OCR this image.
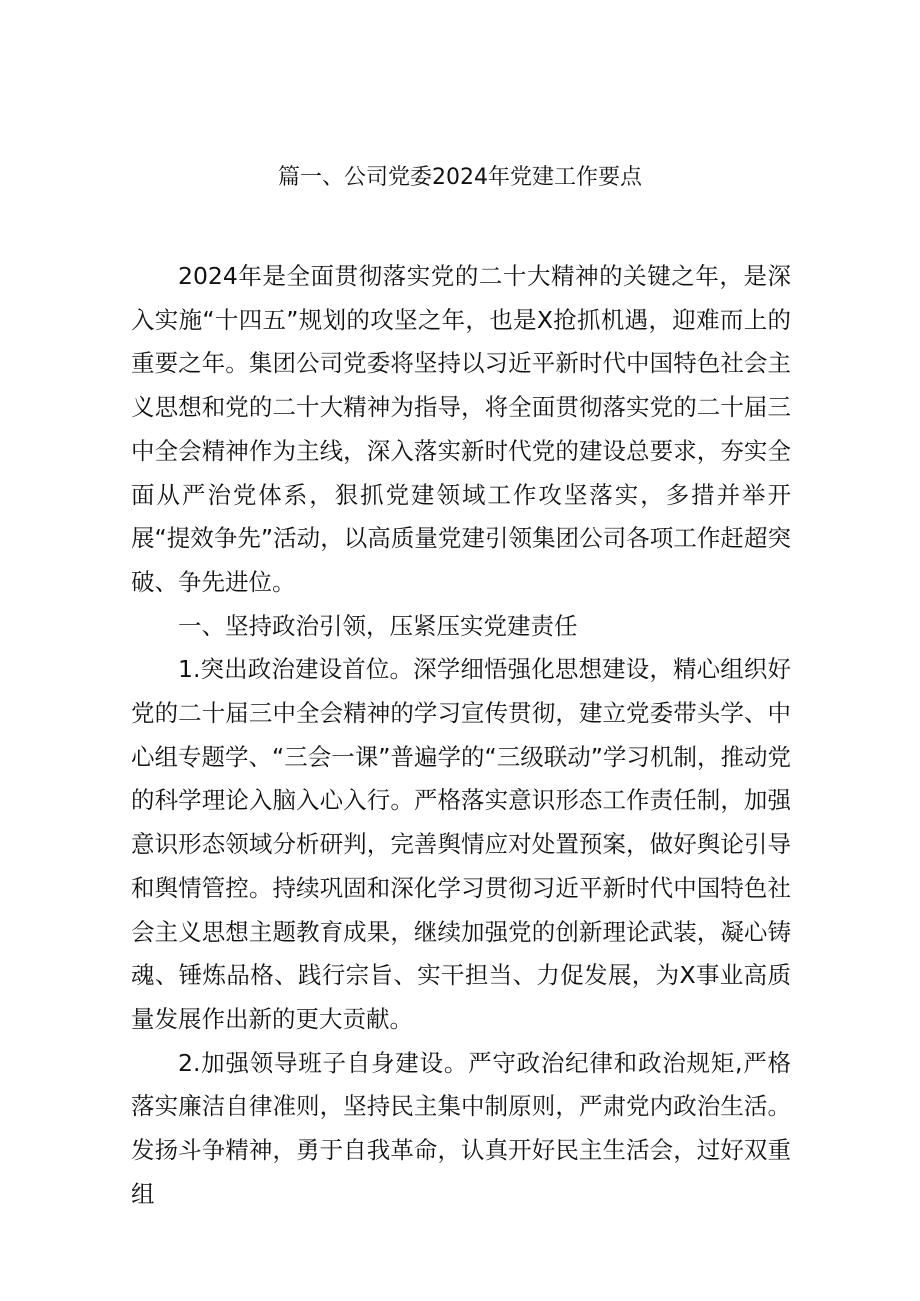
篇一、公司党委2024年党建工作要点

2024年是全面贯彻落实党的二十大精神的关键之年，是深入实施“十四五”规划的攻坚之年，也是X抢抓机遇，迎难而上的重要之年。集团公司党委将坚持以习近平新时代中国特色社会主义思想和党的二十大精神为指导，将全面贯彻落实党的二十届三中全会精神作为主线，深入落实新时代党的建设总要求，夯实全面从严治党体系，狠抓党建领域工作攻坚落实，多措并举开展“提效争先”活动，以高质量党建引领集团公司各项工作赶超突破、争先进位。

一、坚持政治引领，压紧压实党建责任

1.突出政治建设首位。深学细悟强化思想建设，精心组织好党的二十届三中全会精神的学习宣传贯彻，建立党委带头学、中心组专题学、“三会一课”普遍学的“三级联动”学习机制，推动党的科学理论入脑入心入行。严格落实意识形态工作责任制，加强意识形态领域分析研判，完善舆情应对处置预案，做好舆论引导和舆情管控。持续巩固和深化学习贯彻习近平新时代中国特色社会主义思想主题教育成果，继续加强党的创新理论武装，凝心铸魂、锤炼品格、践行宗旨、实干担当、力促发展，为X事业高质量发展作出新的更大贡献。

2.加强领导班子自身建设。严守政治纪律和政治规矩,严格落实廉洁自律准则，坚持民主集中制原则，严肃党内政治生活。发扬斗争精神，勇于自我革命，认真开好民主生活会，过好双重组
